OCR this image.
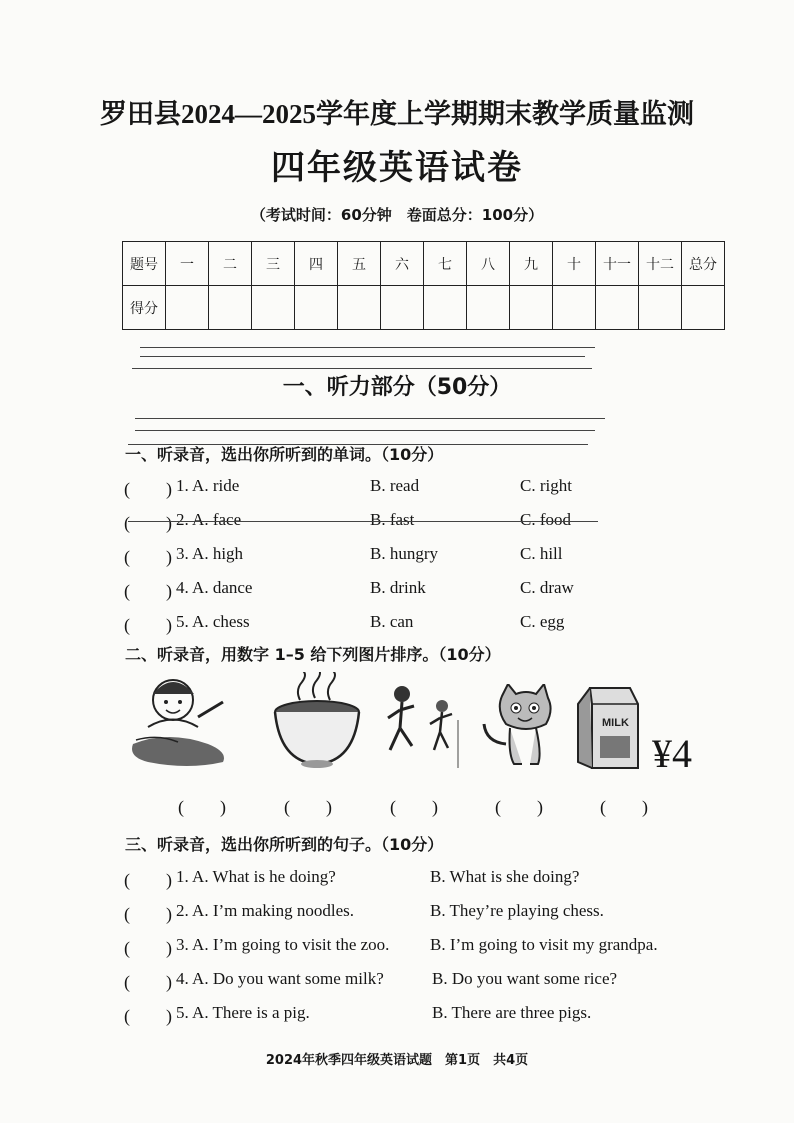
罗田县2024—2025学年度上学期期末教学质量监测
四年级英语试卷
（考试时间：60分钟　卷面总分：100分）
题号	一	二	三	四	五	六	七	八	九	十	十一	十二	总分
得分													
一、听力部分（50分）
一、听录音，选出你所听到的单词。（10分）
(　　) 1. A. ride	B. read	C. right
(　　) 2. A. face	B. fast	C. food
(　　) 3. A. high	B. hungry	C. hill
(　　) 4. A. dance	B. drink	C. draw
(　　) 5. A. chess	B. can	C. egg
二、听录音，用数字 1–5 给下列图片排序。（10分）
MILK
¥4
(　　)	(　　)	(　　)	(　　)	(　　)
三、听录音，选出你所听到的句子。（10分）
(　　) 1. A. What is he doing?	B. What is she doing?
(　　) 2. A. I’m making noodles.	B. They’re playing chess.
(　　) 3. A. I’m going to visit the zoo. B. I’m going to visit my grandpa.
(　　) 4. A. Do you want some milk?	B. Do you want some rice?
(　　) 5. A. There is a pig.	B. There are three pigs.
2024年秋季四年级英语试题　第1页　共4页
